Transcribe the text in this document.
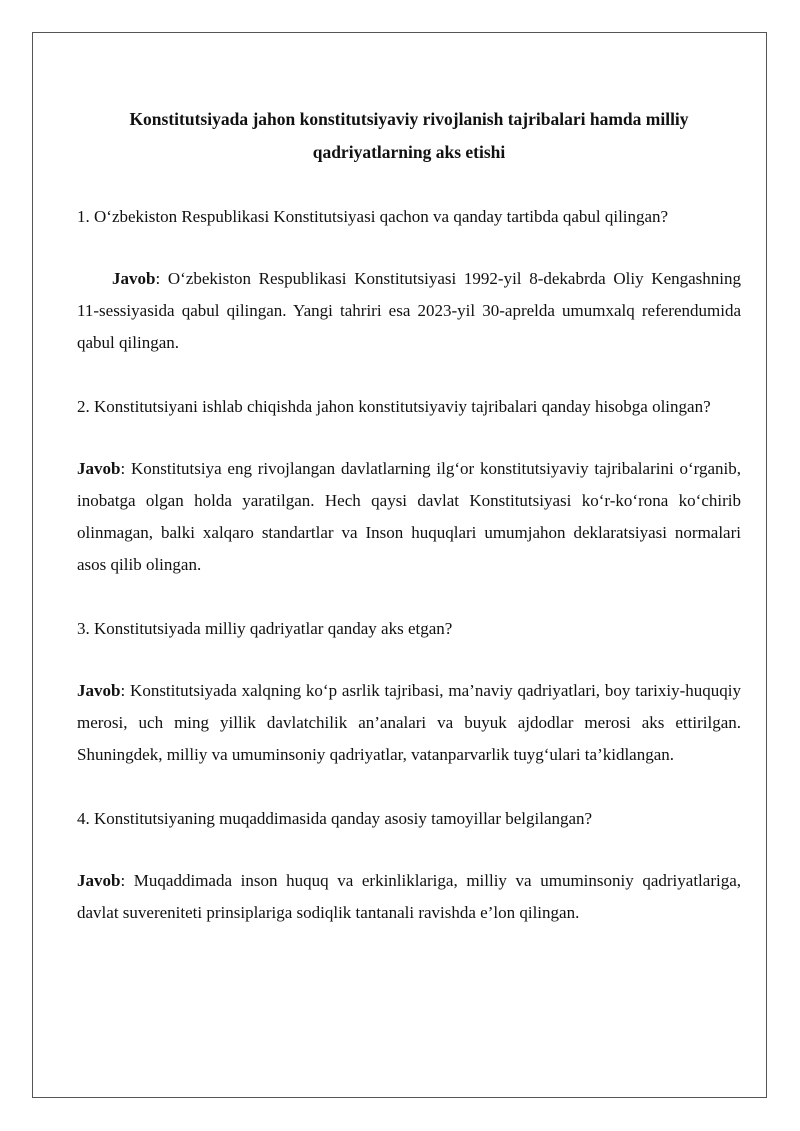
Konstitutsiyada jahon konstitutsiyaviy rivojlanish tajribalari hamda milliy qadriyatlarning aks etishi

1. O‘zbekiston Respublikasi Konstitutsiyasi qachon va qanday tartibda qabul qilingan?

Javob: O‘zbekiston Respublikasi Konstitutsiyasi 1992-yil 8-dekabrda Oliy Kengashning 11-sessiyasida qabul qilingan. Yangi tahriri esa 2023-yil 30-aprelda umumxalq referendumida qabul qilingan.

2. Konstitutsiyani ishlab chiqishda jahon konstitutsiyaviy tajribalari qanday hisobga olingan?

Javob: Konstitutsiya eng rivojlangan davlatlarning ilg‘or konstitutsiyaviy tajribalarini o‘rganib, inobatga olgan holda yaratilgan. Hech qaysi davlat Konstitutsiyasi ko‘r-ko‘rona ko‘chirib olinmagan, balki xalqaro standartlar va Inson huquqlari umumjahon deklaratsiyasi normalari asos qilib olingan.

3. Konstitutsiyada milliy qadriyatlar qanday aks etgan?

Javob: Konstitutsiyada xalqning ko‘p asrlik tajribasi, ma’naviy qadriyatlari, boy tarixiy-huquqiy merosi, uch ming yillik davlatchilik an’analari va buyuk ajdodlar merosi aks ettirilgan. Shuningdek, milliy va umuminsoniy qadriyatlar, vatanparvarlik tuyg‘ulari ta’kidlangan.

4. Konstitutsiyaning muqaddimasida qanday asosiy tamoyillar belgilangan?

Javob: Muqaddimada inson huquq va erkinliklariga, milliy va umuminsoniy qadriyatlariga, davlat suvereniteti prinsiplariga sodiqlik tantanali ravishda e’lon qilingan.
